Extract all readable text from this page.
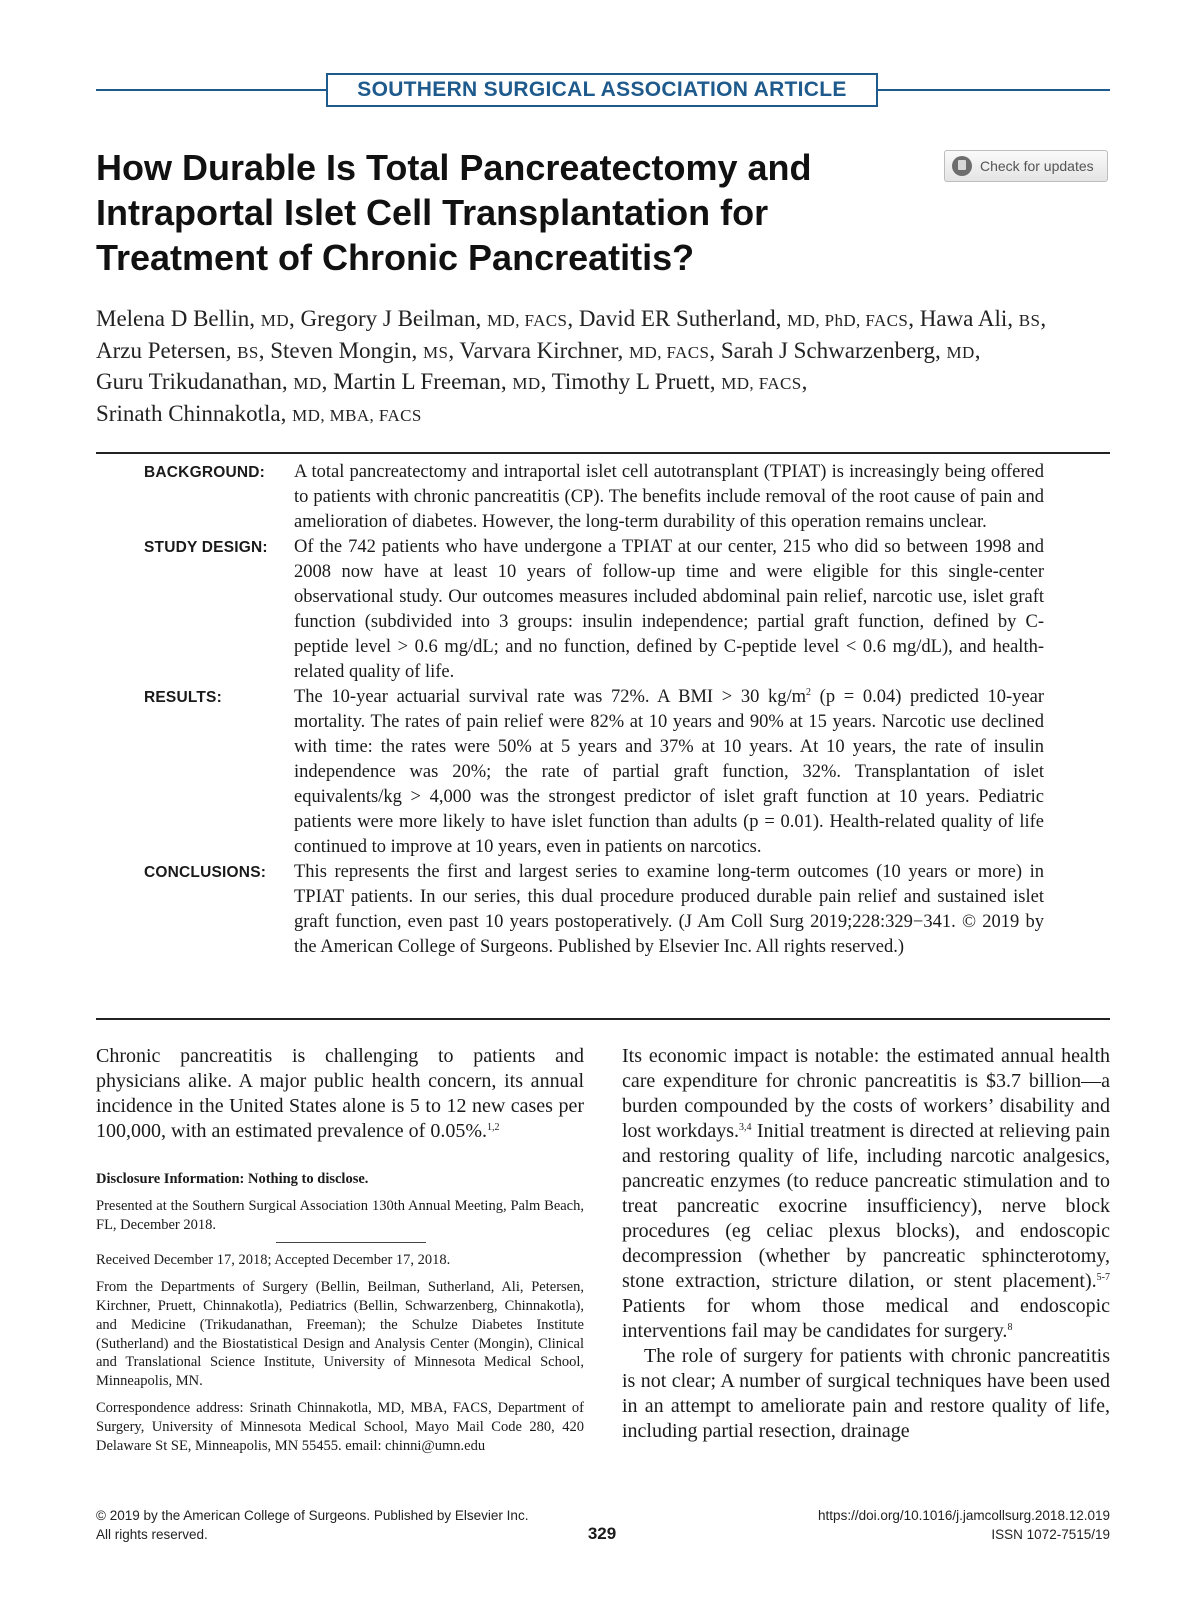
SOUTHERN SURGICAL ASSOCIATION ARTICLE
How Durable Is Total Pancreatectomy and
Intraportal Islet Cell Transplantation for
Treatment of Chronic Pancreatitis?
Check for updates
Melena D Bellin, MD, Gregory J Beilman, MD, FACS, David ER Sutherland, MD, PhD, FACS, Hawa Ali, BS,
Arzu Petersen, BS, Steven Mongin, MS, Varvara Kirchner, MD, FACS, Sarah J Schwarzenberg, MD,
Guru Trikudanathan, MD, Martin L Freeman, MD, Timothy L Pruett, MD, FACS,
Srinath Chinnakotla, MD, MBA, FACS
BACKGROUND:	A total pancreatectomy and intraportal islet cell autotransplant (TPIAT) is increasingly being offered to patients with chronic pancreatitis (CP). The benefits include removal of the root cause of pain and amelioration of diabetes. However, the long-term durability of this operation remains unclear.
STUDY DESIGN:	Of the 742 patients who have undergone a TPIAT at our center, 215 who did so between 1998 and 2008 now have at least 10 years of follow-up time and were eligible for this single-center observational study. Our outcomes measures included abdominal pain relief, narcotic use, islet graft function (subdivided into 3 groups: insulin independence; partial graft function, defined by C-peptide level > 0.6 mg/dL; and no function, defined by C-peptide level < 0.6 mg/dL), and health-related quality of life.
RESULTS:	The 10-year actuarial survival rate was 72%. A BMI > 30 $kg/m^2$ (p = 0.04) predicted 10-year mortality. The rates of pain relief were 82% at 10 years and 90% at 15 years. Narcotic use declined with time: the rates were 50% at 5 years and 37% at 10 years. At 10 years, the rate of insulin independence was 20%; the rate of partial graft function, 32%. Transplantation of islet equivalents/kg > 4,000 was the strongest predictor of islet graft function at 10 years. Pediatric patients were more likely to have islet function than adults (p = 0.01). Health-related quality of life continued to improve at 10 years, even in patients on narcotics.
CONCLUSIONS:	This represents the first and largest series to examine long-term outcomes (10 years or more) in TPIAT patients. In our series, this dual procedure produced durable pain relief and sustained islet graft function, even past 10 years postoperatively. (J Am Coll Surg 2019;228:329−341. © 2019 by the American College of Surgeons. Published by Elsevier Inc. All rights reserved.)

Chronic pancreatitis is challenging to patients and physicians alike. A major public health concern, its annual incidence in the United States alone is 5 to 12 new cases per 100,000, with an estimated prevalence of 0.05%.$^{1,2}$

Disclosure Information: Nothing to disclose.

Presented at the Southern Surgical Association 130th Annual Meeting, Palm Beach, FL, December 2018.

Received December 17, 2018; Accepted December 17, 2018.

From the Departments of Surgery (Bellin, Beilman, Sutherland, Ali, Petersen, Kirchner, Pruett, Chinnakotla), Pediatrics (Bellin, Schwarzenberg, Chinnakotla), and Medicine (Trikudanathan, Freeman); the Schulze Diabetes Institute (Sutherland) and the Biostatistical Design and Analysis Center (Mongin), Clinical and Translational Science Institute, University of Minnesota Medical School, Minneapolis, MN.

Correspondence address: Srinath Chinnakotla, MD, MBA, FACS, Department of Surgery, University of Minnesota Medical School, Mayo Mail Code 280, 420 Delaware St SE, Minneapolis, MN 55455. email: chinni@umn.edu

Its economic impact is notable: the estimated annual health care expenditure for chronic pancreatitis is $3.7 billion—a burden compounded by the costs of workers’ disability and lost workdays.$^{3,4}$ Initial treatment is directed at relieving pain and restoring quality of life, including narcotic analgesics, pancreatic enzymes (to reduce pancreatic stimulation and to treat pancreatic exocrine insufficiency), nerve block procedures (eg celiac plexus blocks), and endoscopic decompression (whether by pancreatic sphincterotomy, stone extraction, stricture dilation, or stent placement).$^{5-7}$ Patients for whom those medical and endoscopic interventions fail may be candidates for surgery.$^8$

The role of surgery for patients with chronic pancreatitis is not clear; A number of surgical techniques have been used in an attempt to ameliorate pain and restore quality of life, including partial resection, drainage

© 2019 by the American College of Surgeons. Published by Elsevier Inc.
All rights reserved.	329
https://doi.org/10.1016/j.jamcollsurg.2018.12.019
ISSN 1072-7515/19
